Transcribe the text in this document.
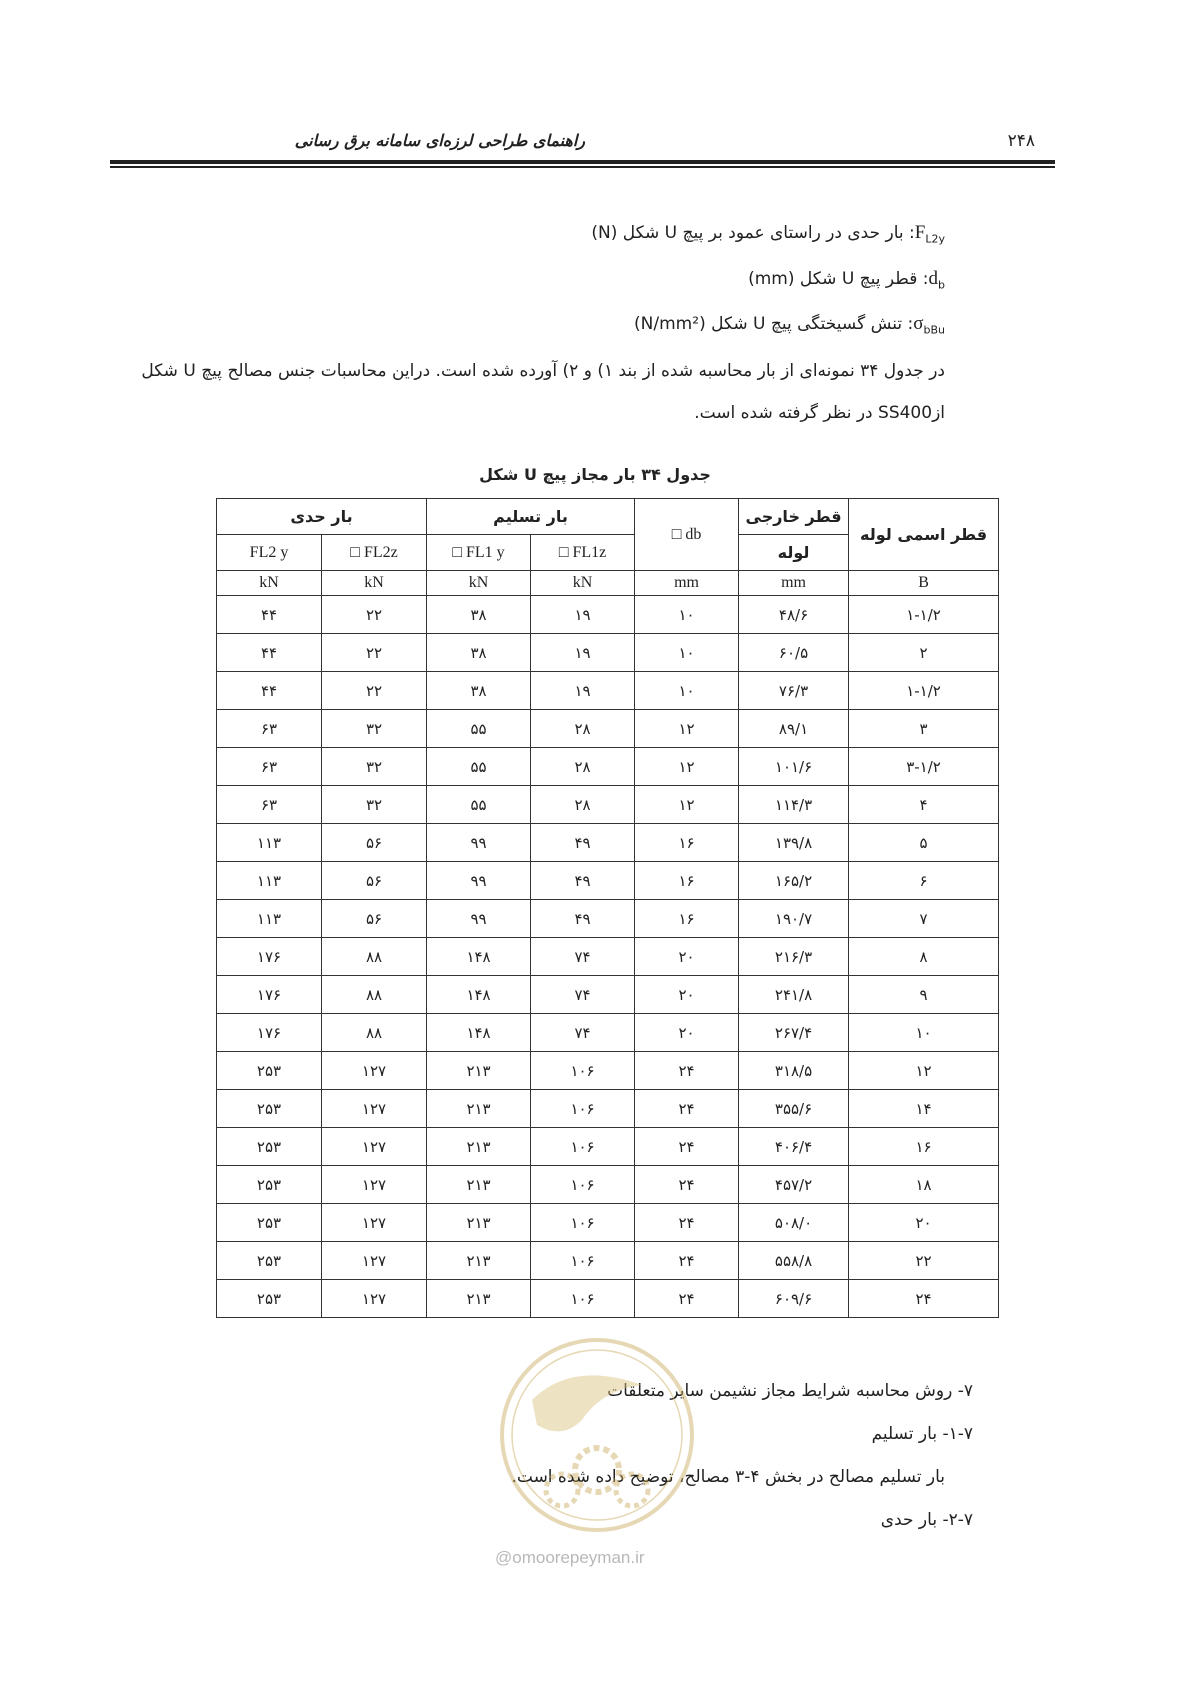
راهنمای طراحی لرزه‌ای سامانه برق رسانی	۲۴۸
$F_{L2y}$: بار حدی در راستای عمود بر پیچ U شکل (N)
$d_b$: قطر پیچ U شکل (mm)
$\sigma_{bBu}$: تنش گسیختگی پیچ U شکل (N/mm²)
در جدول ۳۴ نمونه‌ای از بار محاسبه شده از بند ۱) و ۲) آورده شده است. دراین محاسبات جنس مصالح پیچ U شکل ازSS400 در نظر گرفته شده است.
جدول ۳۴ بار مجاز پیچ U شکل
قطر اسمی لوله	قطر خارجی	□ db	بار تسلیم		بار حدی	
	لوله		□ FL1z	□ FL1 y	□ FL2z	FL2 y
B	mm	mm	kN	kN	kN	kN
۱-۱/۲	۴۸/۶	۱۰	۱۹	۳۸	۲۲	۴۴
۲	۶۰/۵	۱۰	۱۹	۳۸	۲۲	۴۴
۱-۱/۲	۷۶/۳	۱۰	۱۹	۳۸	۲۲	۴۴
۳	۸۹/۱	۱۲	۲۸	۵۵	۳۲	۶۳
۳-۱/۲	۱۰۱/۶	۱۲	۲۸	۵۵	۳۲	۶۳
۴	۱۱۴/۳	۱۲	۲۸	۵۵	۳۲	۶۳
۵	۱۳۹/۸	۱۶	۴۹	۹۹	۵۶	۱۱۳
۶	۱۶۵/۲	۱۶	۴۹	۹۹	۵۶	۱۱۳
۷	۱۹۰/۷	۱۶	۴۹	۹۹	۵۶	۱۱۳
۸	۲۱۶/۳	۲۰	۷۴	۱۴۸	۸۸	۱۷۶
۹	۲۴۱/۸	۲۰	۷۴	۱۴۸	۸۸	۱۷۶
۱۰	۲۶۷/۴	۲۰	۷۴	۱۴۸	۸۸	۱۷۶
۱۲	۳۱۸/۵	۲۴	۱۰۶	۲۱۳	۱۲۷	۲۵۳
۱۴	۳۵۵/۶	۲۴	۱۰۶	۲۱۳	۱۲۷	۲۵۳
۱۶	۴۰۶/۴	۲۴	۱۰۶	۲۱۳	۱۲۷	۲۵۳
۱۸	۴۵۷/۲	۲۴	۱۰۶	۲۱۳	۱۲۷	۲۵۳
۲۰	۵۰۸/۰	۲۴	۱۰۶	۲۱۳	۱۲۷	۲۵۳
۲۲	۵۵۸/۸	۲۴	۱۰۶	۲۱۳	۱۲۷	۲۵۳
۲۴	۶۰۹/۶	۲۴	۱۰۶	۲۱۳	۱۲۷	۲۵۳
۷- روش محاسبه شرایط مجاز نشیمن سایر متعلقات
۱-۷- بار تسلیم
بار تسلیم مصالح در بخش ۴-۳ مصالح، توضیح داده شده است.
۲-۷- بار حدی
@omoorepeyman.ir
